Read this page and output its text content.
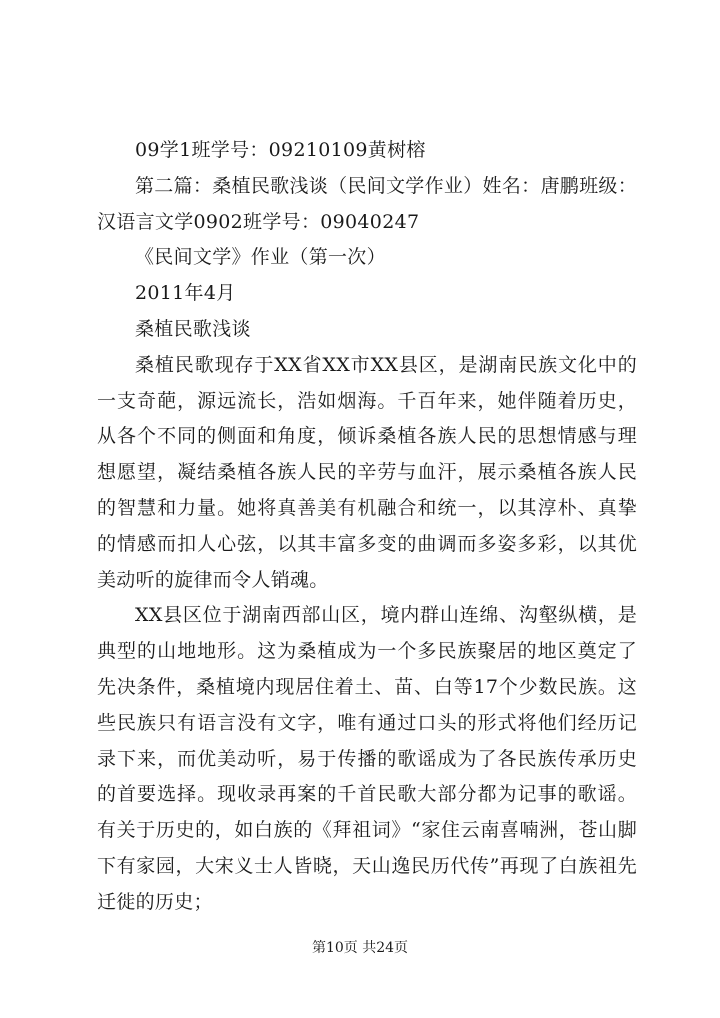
09学1班学号：09210109黄树榕

第二篇：桑植民歌浅谈（民间文学作业）姓名：唐鹏班级：汉语言文学0902班学号：09040247

《民间文学》作业（第一次）

2011年4月

桑植民歌浅谈

桑植民歌现存于XX省XX市XX县区，是湖南民族文化中的一支奇葩，源远流长，浩如烟海。千百年来，她伴随着历史，从各个不同的侧面和角度，倾诉桑植各族人民的思想情感与理想愿望，凝结桑植各族人民的辛劳与血汗，展示桑植各族人民的智慧和力量。她将真善美有机融合和统一，以其淳朴、真挚的情感而扣人心弦，以其丰富多变的曲调而多姿多彩，以其优美动听的旋律而令人销魂。

XX县区位于湖南西部山区，境内群山连绵、沟壑纵横，是典型的山地地形。这为桑植成为一个多民族聚居的地区奠定了先决条件，桑植境内现居住着土、苗、白等17个少数民族。这些民族只有语言没有文字，唯有通过口头的形式将他们经历记录下来，而优美动听，易于传播的歌谣成为了各民族传承历史的首要选择。现收录再案的千首民歌大部分都为记事的歌谣。有关于历史的，如白族的《拜祖词》“家住云南喜喃洲，苍山脚下有家园，大宋义士人皆晓，天山逸民历代传”再现了白族祖先迁徙的历史；

第10页 共24页
